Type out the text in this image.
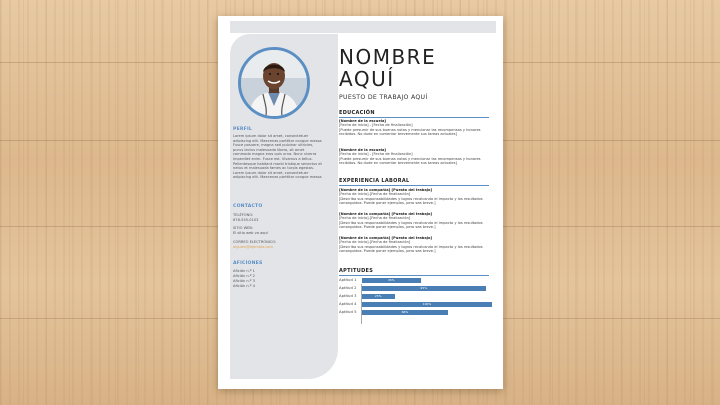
PERFIL
Lorem ipsum dolor sit amet, consectetuer adipiscing elit. Maecenas porttitor congue massa. Fusce posuere, magna sed pulvinar ultricies, purus lectus malesuada libero, sit amet commodo magna eros quis urna. Nunc viverra imperdiet enim. Fusce est. Vivamus a tellus. Pellentesque habitant morbi tristique senectus et netus et malesuada fames ac turpis egestas. Lorem ipsum dolor sit amet, consectetuer adipiscing elit. Maecenas porttitor congue massa.
CONTACTO
TELÉFONO:
678-555-0103
SITIO WEB:
El sitio web va aquí
CORREO ELECTRÓNICO:
alguien@ejemplo.com
AFICIONES
Afición n.º 1
Afición n.º 2
Afición n.º 3
Afición n.º 4
NOMBRE
AQUÍ
PUESTO DE TRABAJO AQUÍ
EDUCACIÓN
[Nombre de la escuela]
[Fecha de inicio] - [Fecha de finalización]
[Puede presumir de sus buenas notas y mencionar las recompensas y honores recibidos. No dude en comentar brevemente sus tareas actuales]
[Nombre de la escuela]
[Fecha de inicio] - [Fecha de finalización]
[Puede presumir de sus buenas notas y mencionar las recompensas y honores recibidos. No dude en comentar brevemente sus tareas actuales]
EXPERIENCIA LABORAL
[Nombre de la compañía] [Puesto del trabajo]
[Fecha de inicio]-[Fecha de finalización]
[Describa sus responsabilidades y logros recalcando el impacto y los resultados conseguidos. Puede poner ejemplos, pero sea breve.]
[Nombre de la compañía] [Puesto del trabajo]
[Fecha de inicio]-[Fecha de finalización]
[Describa sus responsabilidades y logros recalcando el impacto y los resultados conseguidos. Puede poner ejemplos, pero sea breve.]
[Nombre de la compañía] [Puesto del trabajo]
[Fecha de inicio]-[Fecha de finalización]
[Describa sus responsabilidades y logros recalcando el impacto y los resultados conseguidos. Puede poner ejemplos, pero sea breve.]
APTITUDES
Aptitud 1	45%
Aptitud 2	95%
Aptitud 3	25%
Aptitud 4	100%
Aptitud 5	66%
